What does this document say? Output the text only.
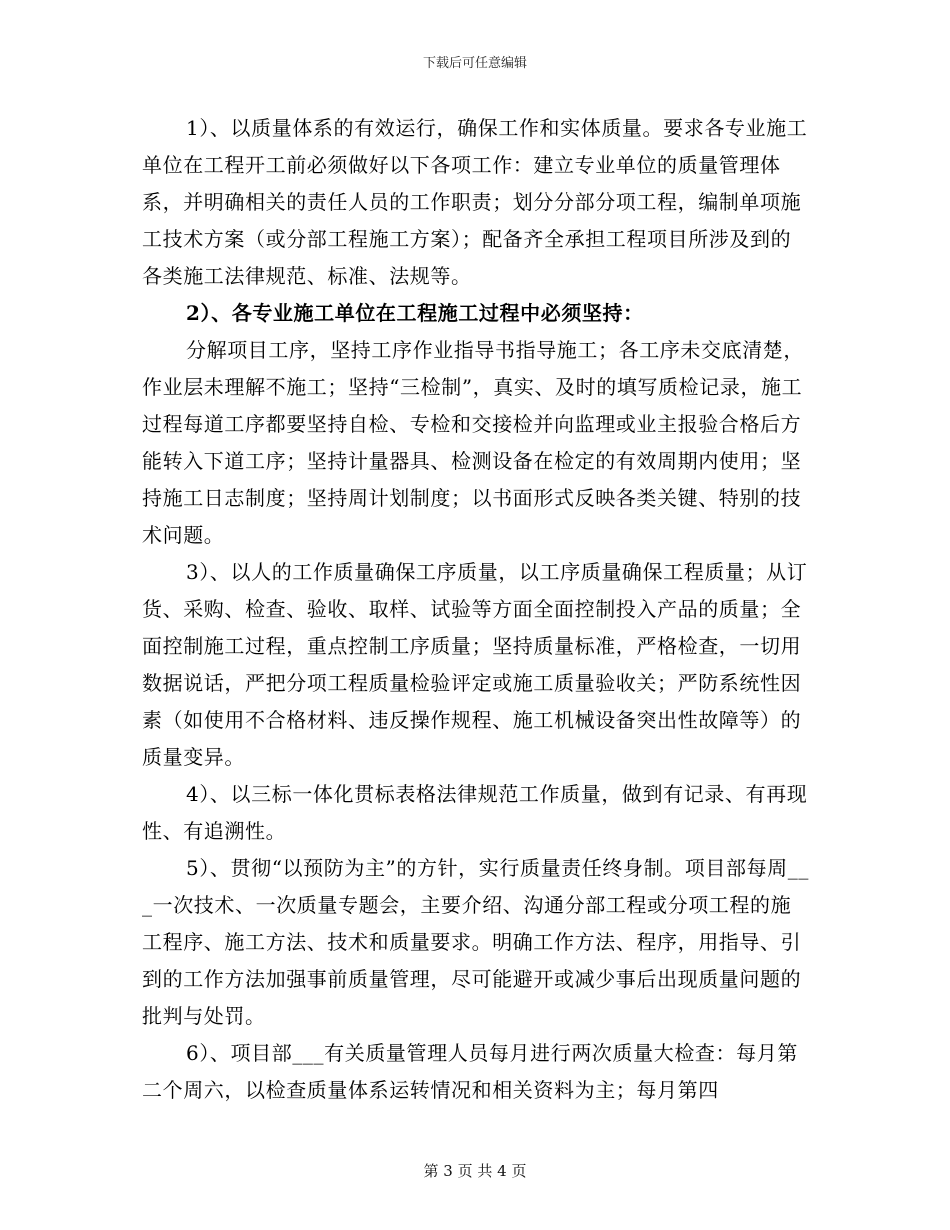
下载后可任意编辑

1）、以质量体系的有效运行，确保工作和实体质量。要求各专业施工单位在工程开工前必须做好以下各项工作：建立专业单位的质量管理体系，并明确相关的责任人员的工作职责；划分分部分项工程，编制单项施工技术方案（或分部工程施工方案）；配备齐全承担工程项目所涉及到的各类施工法律规范、标准、法规等。

2）、各专业施工单位在工程施工过程中必须坚持：

分解项目工序，坚持工序作业指导书指导施工；各工序未交底清楚，作业层未理解不施工；坚持“三检制”，真实、及时的填写质检记录，施工过程每道工序都要坚持自检、专检和交接检并向监理或业主报验合格后方能转入下道工序；坚持计量器具、检测设备在检定的有效周期内使用；坚持施工日志制度；坚持周计划制度；以书面形式反映各类关键、特别的技术问题。

3）、以人的工作质量确保工序质量，以工序质量确保工程质量；从订货、采购、检查、验收、取样、试验等方面全面控制投入产品的质量；全面控制施工过程，重点控制工序质量；坚持质量标准，严格检查，一切用数据说话，严把分项工程质量检验评定或施工质量验收关；严防系统性因素（如使用不合格材料、违反操作规程、施工机械设备突出性故障等）的质量变异。

4）、以三标一体化贯标表格法律规范工作质量，做到有记录、有再现性、有追溯性。

5）、贯彻“以预防为主”的方针，实行质量责任终身制。项目部每周___一次技术、一次质量专题会，主要介绍、沟通分部工程或分项工程的施工程序、施工方法、技术和质量要求。明确工作方法、程序，用指导、引到的工作方法加强事前质量管理，尽可能避开或减少事后出现质量问题的批判与处罚。

6）、项目部___有关质量管理人员每月进行两次质量大检查：每月第二个周六，以检查质量体系运转情况和相关资料为主；每月第四

第 3 页 共 4 页
